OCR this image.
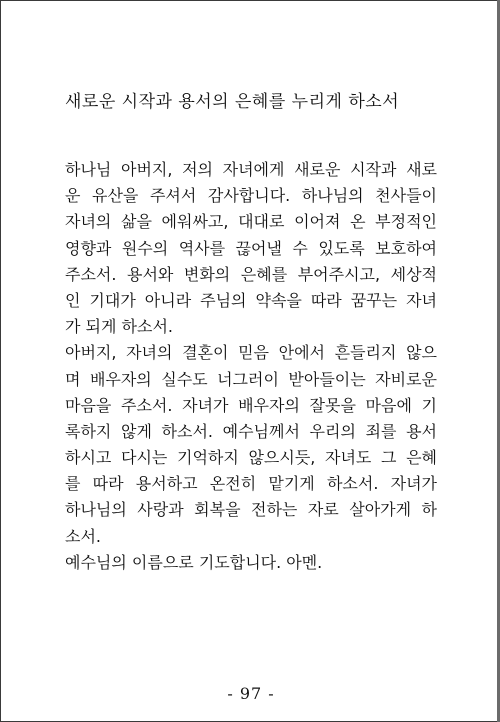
새로운 시작과 용서의 은혜를 누리게 하소서
하나님 아버지, 저의 자녀에게 새로운 시작과 새로
운 유산을 주셔서 감사합니다. 하나님의 천사들이
자녀의 삶을 에워싸고, 대대로 이어져 온 부정적인
영향과 원수의 역사를 끊어낼 수 있도록 보호하여
주소서. 용서와 변화의 은혜를 부어주시고, 세상적
인 기대가 아니라 주님의 약속을 따라 꿈꾸는 자녀
가 되게 하소서.
아버지, 자녀의 결혼이 믿음 안에서 흔들리지 않으
며 배우자의 실수도 너그러이 받아들이는 자비로운
마음을 주소서. 자녀가 배우자의 잘못을 마음에 기
록하지 않게 하소서. 예수님께서 우리의 죄를 용서
하시고 다시는 기억하지 않으시듯, 자녀도 그 은혜
를 따라 용서하고 온전히 맡기게 하소서. 자녀가
하나님의 사랑과 회복을 전하는 자로 살아가게 하
소서.
예수님의 이름으로 기도합니다. 아멘.
- 97 -
